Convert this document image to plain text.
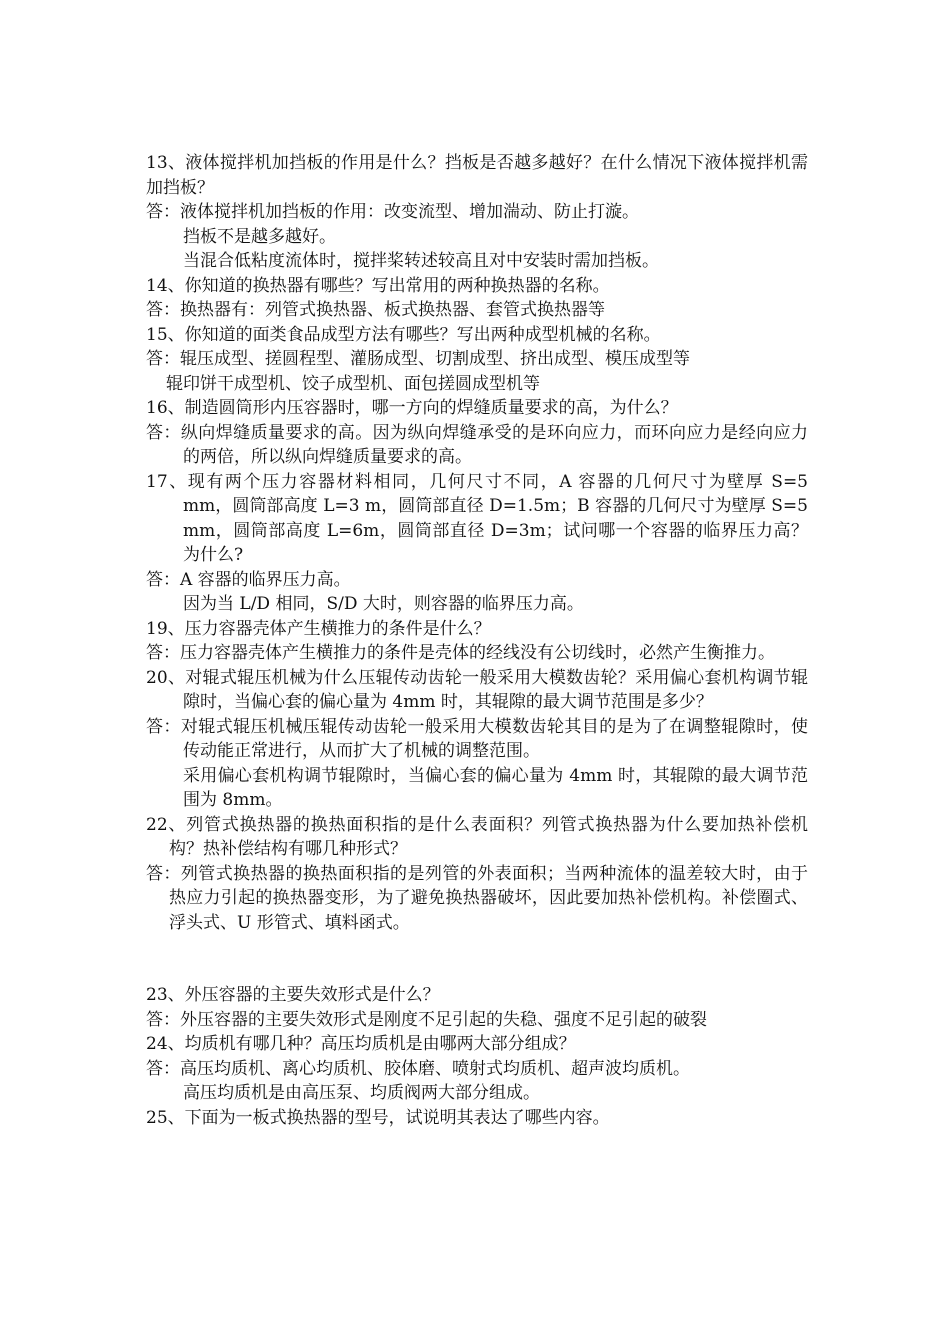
13、液体搅拌机加挡板的作用是什么？挡板是否越多越好？在什么情况下液体搅拌机需加挡板？
答：液体搅拌机加挡板的作用：改变流型、增加湍动、防止打漩。
挡板不是越多越好。
当混合低粘度流体时，搅拌桨转述较高且对中安装时需加挡板。
14、你知道的换热器有哪些？写出常用的两种换热器的名称。
答：换热器有：列管式换热器、板式换热器、套管式换热器等
15、你知道的面类食品成型方法有哪些？写出两种成型机械的名称。
答：辊压成型、搓圆程型、灌肠成型、切割成型、挤出成型、模压成型等
辊印饼干成型机、饺子成型机、面包搓圆成型机等
16、制造圆筒形内压容器时，哪一方向的焊缝质量要求的高，为什么？
答：纵向焊缝质量要求的高。因为纵向焊缝承受的是环向应力，而环向应力是经向应力的两倍，所以纵向焊缝质量要求的高。
17、现有两个压力容器材料相同，几何尺寸不同，A 容器的几何尺寸为壁厚 S=5 mm，圆筒部高度 L=3 m，圆筒部直径 D=1.5m；B 容器的几何尺寸为壁厚 S=5 mm，圆筒部高度 L=6m，圆筒部直径 D=3m；试问哪一个容器的临界压力高？为什么?
答：A 容器的临界压力高。
因为当 L/D 相同，S/D 大时，则容器的临界压力高。
19、压力容器壳体产生横推力的条件是什么？
答：压力容器壳体产生横推力的条件是壳体的经线没有公切线时，必然产生衡推力。
20、对辊式辊压机械为什么压辊传动齿轮一般采用大模数齿轮？采用偏心套机构调节辊隙时，当偏心套的偏心量为 4mm 时，其辊隙的最大调节范围是多少？
答：对辊式辊压机械压辊传动齿轮一般采用大模数齿轮其目的是为了在调整辊隙时，使传动能正常进行，从而扩大了机械的调整范围。
采用偏心套机构调节辊隙时，当偏心套的偏心量为 4mm 时，其辊隙的最大调节范围为 8mm。
22、列管式换热器的换热面积指的是什么表面积？列管式换热器为什么要加热补偿机构？热补偿结构有哪几种形式？
答：列管式换热器的换热面积指的是列管的外表面积；当两种流体的温差较大时，由于热应力引起的换热器变形，为了避免换热器破坏，因此要加热补偿机构。补偿圈式、浮头式、U 形管式、填料函式。
23、外压容器的主要失效形式是什么？
答：外压容器的主要失效形式是刚度不足引起的失稳、强度不足引起的破裂
24、均质机有哪几种？高压均质机是由哪两大部分组成？
答：高压均质机、离心均质机、胶体磨、喷射式均质机、超声波均质机。
高压均质机是由高压泵、均质阀两大部分组成。
25、下面为一板式换热器的型号，试说明其表达了哪些内容。
